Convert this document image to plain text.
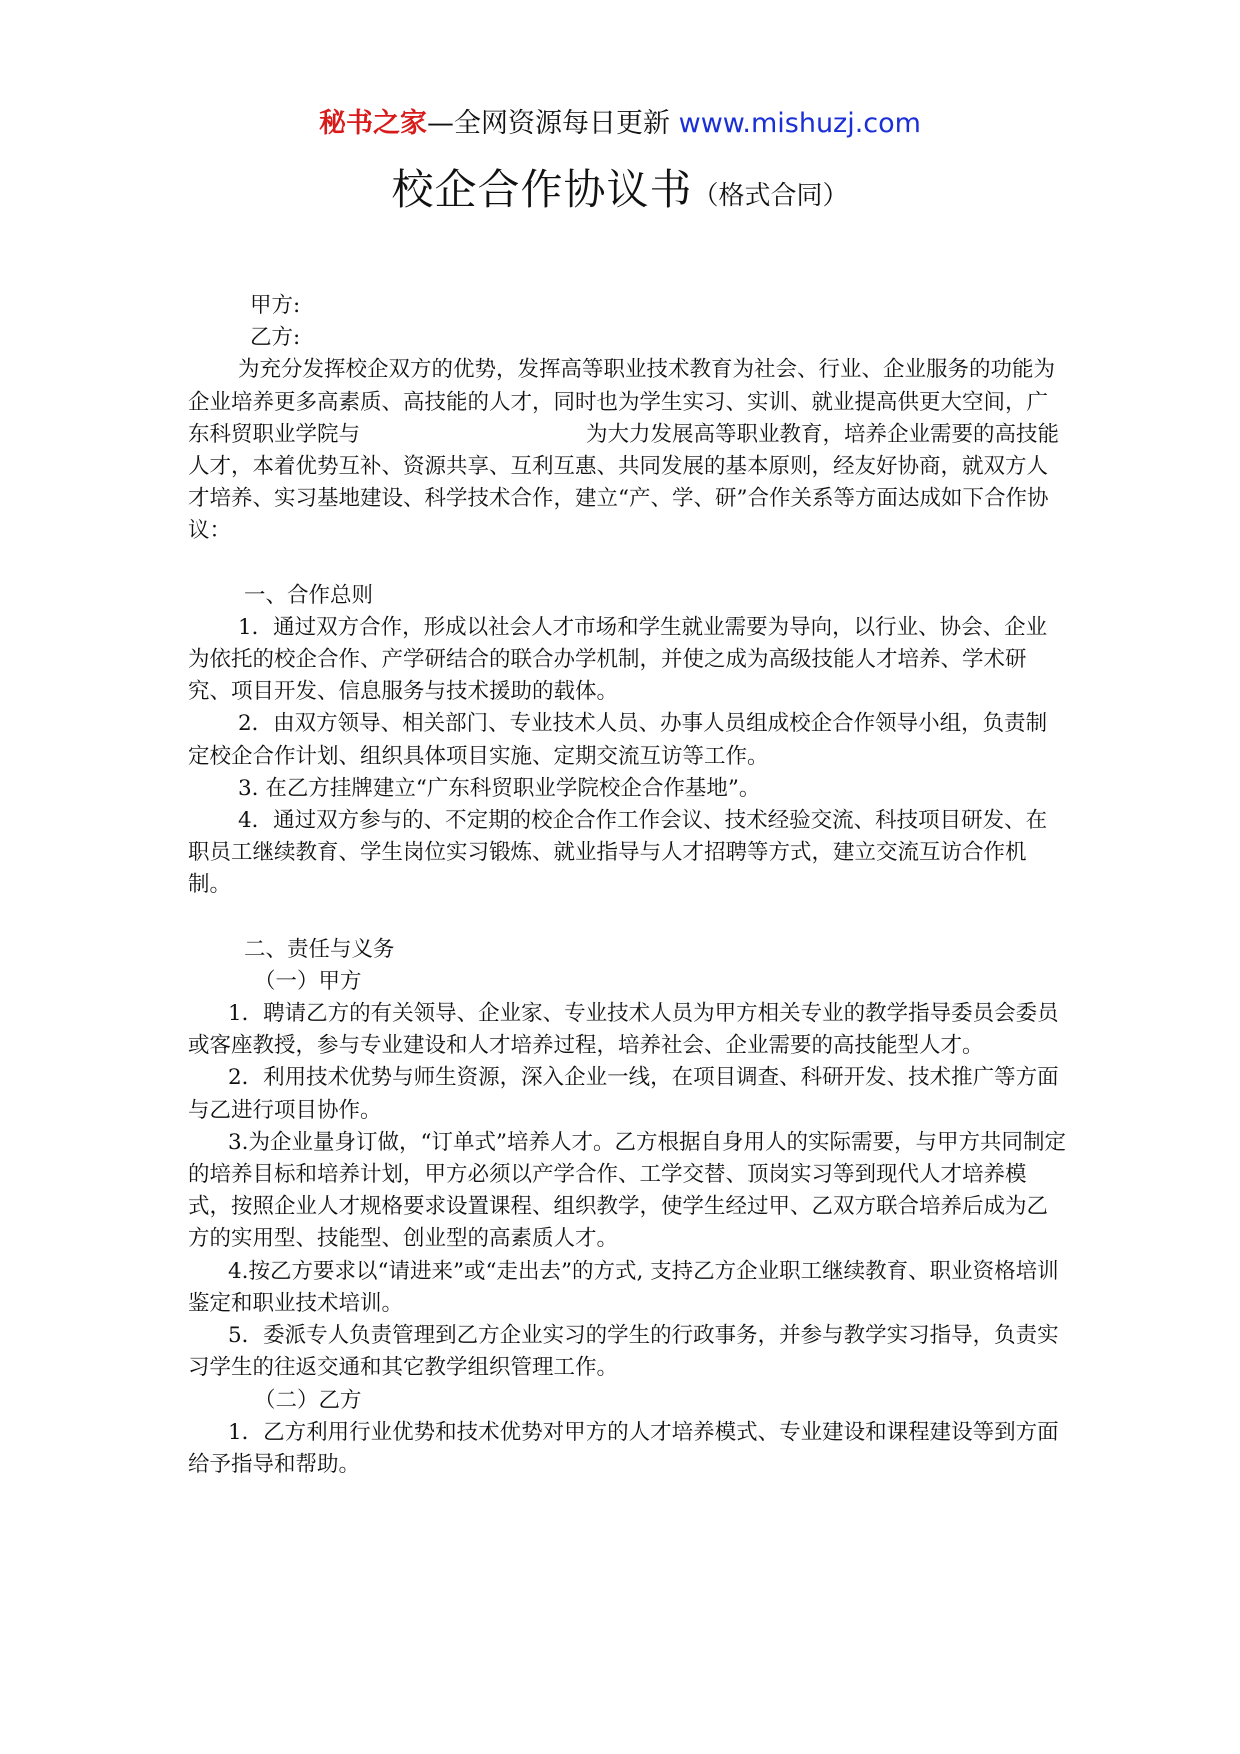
秘书之家—全网资源每日更新 www.mishuzj.com
校企合作协议书（格式合同）

甲方:

乙方:

为充分发挥校企双方的优势，发挥高等职业技术教育为社会、行业、企业服务的功能为企业培养更多高素质、高技能的人才，同时也为学生实习、实训、就业提高供更大空间，广东科贸职业学院与	为大力发展高等职业教育，培养企业需要的高技能人才，本着优势互补、资源共享、互利互惠、共同发展的基本原则，经友好协商，就双方人才培养、实习基地建设、科学技术合作，建立“产、学、研”合作关系等方面达成如下合作协议：

一、合作总则

1．通过双方合作，形成以社会人才市场和学生就业需要为导向，以行业、协会、企业为依托的校企合作、产学研结合的联合办学机制，并使之成为高级技能人才培养、学术研究、项目开发、信息服务与技术援助的载体。

2．由双方领导、相关部门、专业技术人员、办事人员组成校企合作领导小组，负责制定校企合作计划、组织具体项目实施、定期交流互访等工作。

3. 在乙方挂牌建立“广东科贸职业学院校企合作基地”。

4．通过双方参与的、不定期的校企合作工作会议、技术经验交流、科技项目研发、在职员工继续教育、学生岗位实习锻炼、就业指导与人才招聘等方式，建立交流互访合作机制。

二、责任与义务

（一）甲方

1．聘请乙方的有关领导、企业家、专业技术人员为甲方相关专业的教学指导委员会委员或客座教授，参与专业建设和人才培养过程，培养社会、企业需要的高技能型人才。

2．利用技术优势与师生资源，深入企业一线，在项目调查、科研开发、技术推广等方面与乙进行项目协作。

3.为企业量身订做，“订单式”培养人才。乙方根据自身用人的实际需要，与甲方共同制定的培养目标和培养计划，甲方必须以产学合作、工学交替、顶岗实习等到现代人才培养模式，按照企业人才规格要求设置课程、组织教学，使学生经过甲、乙双方联合培养后成为乙方的实用型、技能型、创业型的高素质人才。

4.按乙方要求以“请进来”或“走出去”的方式, 支持乙方企业职工继续教育、职业资格培训鉴定和职业技术培训。

5．委派专人负责管理到乙方企业实习的学生的行政事务，并参与教学实习指导，负责实习学生的往返交通和其它教学组织管理工作。

（二）乙方

1．乙方利用行业优势和技术优势对甲方的人才培养模式、专业建设和课程建设等到方面给予指导和帮助。
